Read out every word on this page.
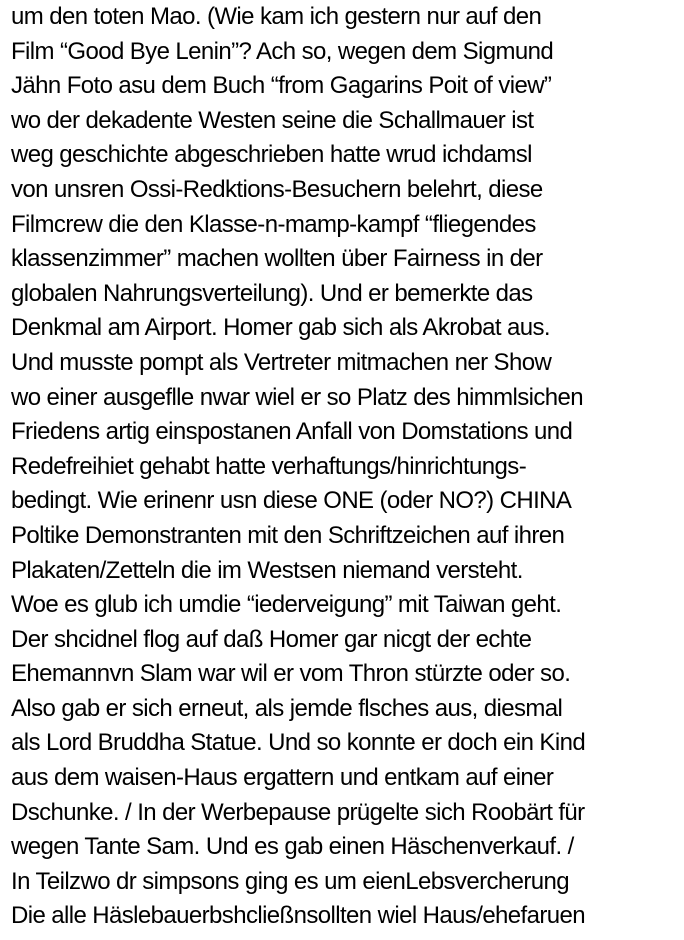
um den toten Mao. (Wie kam ich gestern nur auf den
Film “Good Bye Lenin”? Ach so, wegen dem Sigmund
Jähn Foto asu dem Buch “from Gagarins Poit of view”
wo der dekadente Westen seine die Schallmauer ist
weg geschichte abgeschrieben hatte wrud ichdamsl
von unsren Ossi-Redktions-Besuchern belehrt, diese
Filmcrew die den Klasse-n-mamp-kampf “fliegendes
klassenzimmer” machen wollten über Fairness in der
globalen Nahrungsverteilung). Und er bemerkte das
Denkmal am Airport. Homer gab sich als Akrobat aus.
Und musste pompt als Vertreter mitmachen ner Show
wo einer ausgeflle nwar wiel er so Platz des himmlsichen
Friedens artig einspostanen Anfall von Domstations und
Redefreihiet gehabt hatte verhaftungs/hinrichtungs-
bedingt. Wie erinenr usn diese ONE (oder NO?) CHINA
Poltike Demonstranten mit den Schriftzeichen auf ihren
Plakaten/Zetteln die im Westsen niemand versteht.
Woe es glub ich umdie “iederveigung” mit Taiwan geht.
Der shcidnel flog auf daß Homer gar nicgt der echte
Ehemannvn Slam war wil er vom Thron stürzte oder so.
Also gab er sich erneut, als jemde flsches aus, diesmal
als Lord Bruddha Statue. Und so konnte er doch ein Kind
aus dem waisen-Haus ergattern und entkam auf einer
Dschunke. / In der Werbepause prügelte sich Roobärt für
wegen Tante Sam. Und es gab einen Häschenverkauf. /
In Teilzwo dr simpsons ging es um eienLebsvercherung
Die alle Häslebauerbshcließnsollten wiel Haus/ehefaruen
